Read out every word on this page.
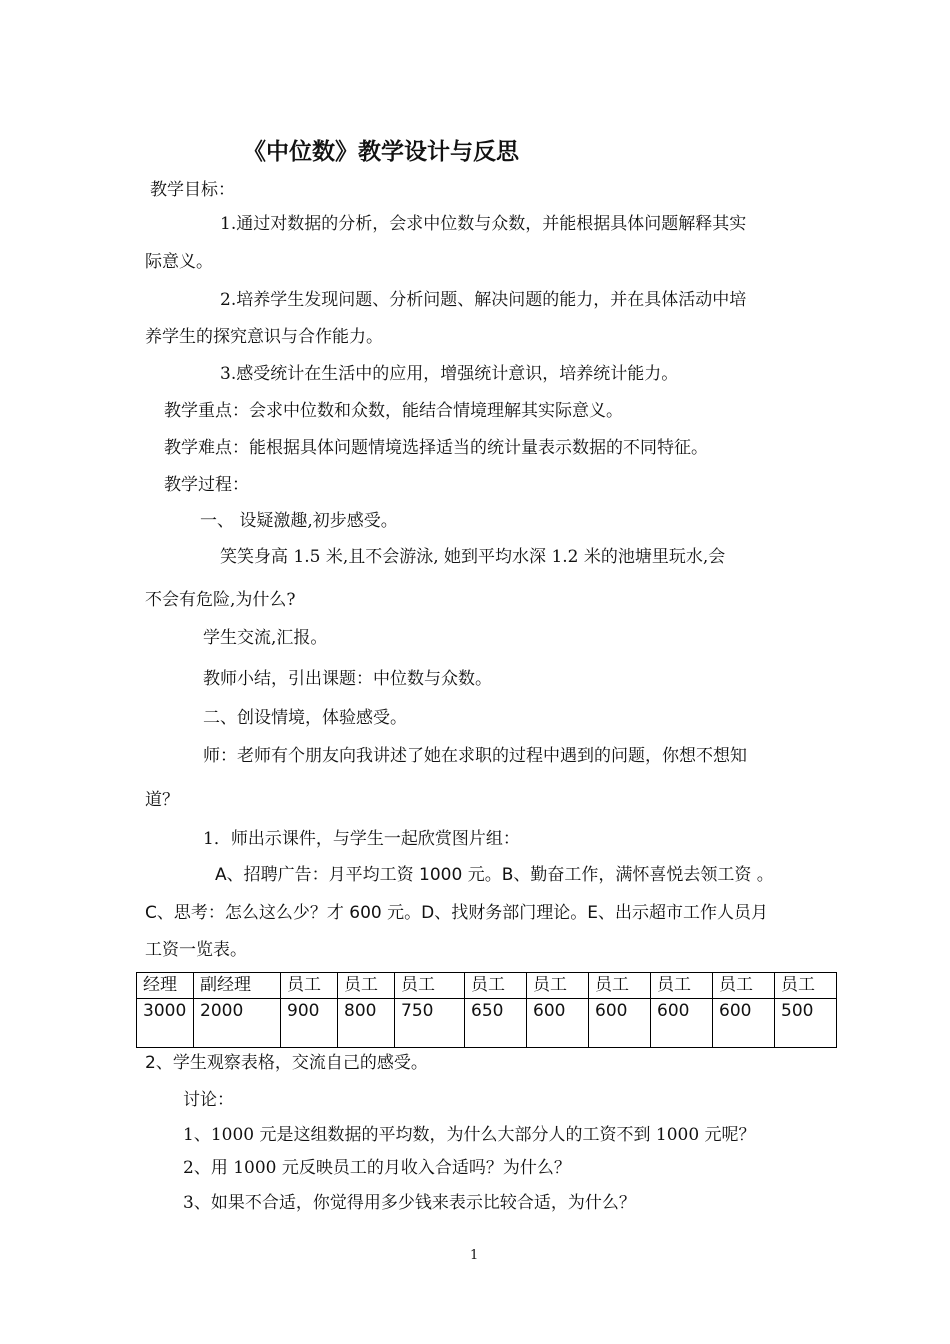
《中位数》教学设计与反思
教学目标：
1.通过对数据的分析，会求中位数与众数，并能根据具体问题解释其实
际意义。
2.培养学生发现问题、分析问题、解决问题的能力，并在具体活动中培
养学生的探究意识与合作能力。
3.感受统计在生活中的应用，增强统计意识，培养统计能力。
教学重点：会求中位数和众数，能结合情境理解其实际意义。
教学难点：能根据具体问题情境选择适当的统计量表示数据的不同特征。
教学过程：
一、 设疑激趣,初步感受。
笑笑身高 1.5 米,且不会游泳, 她到平均水深 1.2 米的池塘里玩水,会
不会有危险,为什么?
学生交流,汇报。
教师小结，引出课题：中位数与众数。
二、创设情境，体验感受。
师：老师有个朋友向我讲述了她在求职的过程中遇到的问题，你想不想知
道？
1．师出示课件，与学生一起欣赏图片组：
A、招聘广告：月平均工资 1000 元。B、勤奋工作，满怀喜悦去领工资 。
C、思考：怎么这么少？才 600 元。D、找财务部门理论。E、出示超市工作人员月
工资一览表。
经理	副经理	员工	员工	员工	员工	员工	员工	员工	员工	员工
3000	2000	900	800	750	650	600	600	600	600	500
2、学生观察表格，交流自己的感受。
讨论：
1、1000 元是这组数据的平均数，为什么大部分人的工资不到 1000 元呢？
2、用 1000 元反映员工的月收入合适吗？为什么？
3、如果不合适，你觉得用多少钱来表示比较合适，为什么？
1
